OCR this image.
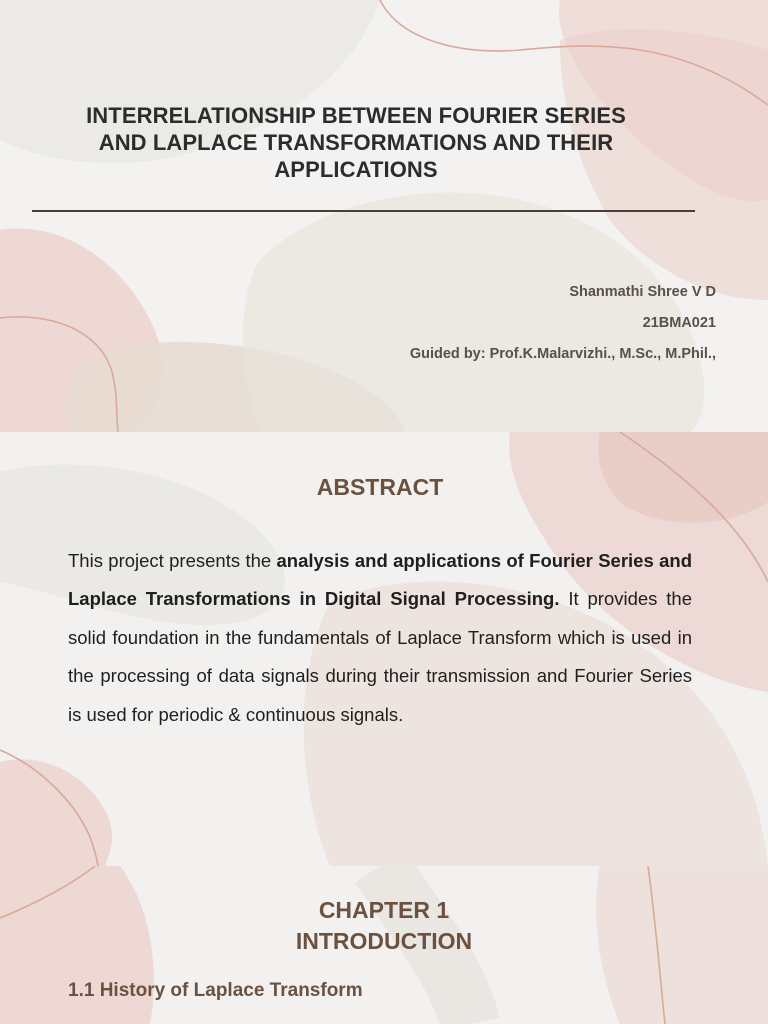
INTERRELATIONSHIP BETWEEN FOURIER SERIES
AND LAPLACE TRANSFORMATIONS AND THEIR
APPLICATIONS
Shanmathi Shree V D
21BMA021
Guided by: Prof.K.Malarvizhi., M.Sc., M.Phil.,
ABSTRACT

This project presents the analysis and applications of Fourier Series and Laplace Transformations in Digital Signal Processing. It provides the solid foundation in the fundamentals of Laplace Transform which is used in the processing of data signals during their transmission and Fourier Series is used for periodic & continuous signals.

CHAPTER 1
INTRODUCTION
1.1 History of Laplace Transform
